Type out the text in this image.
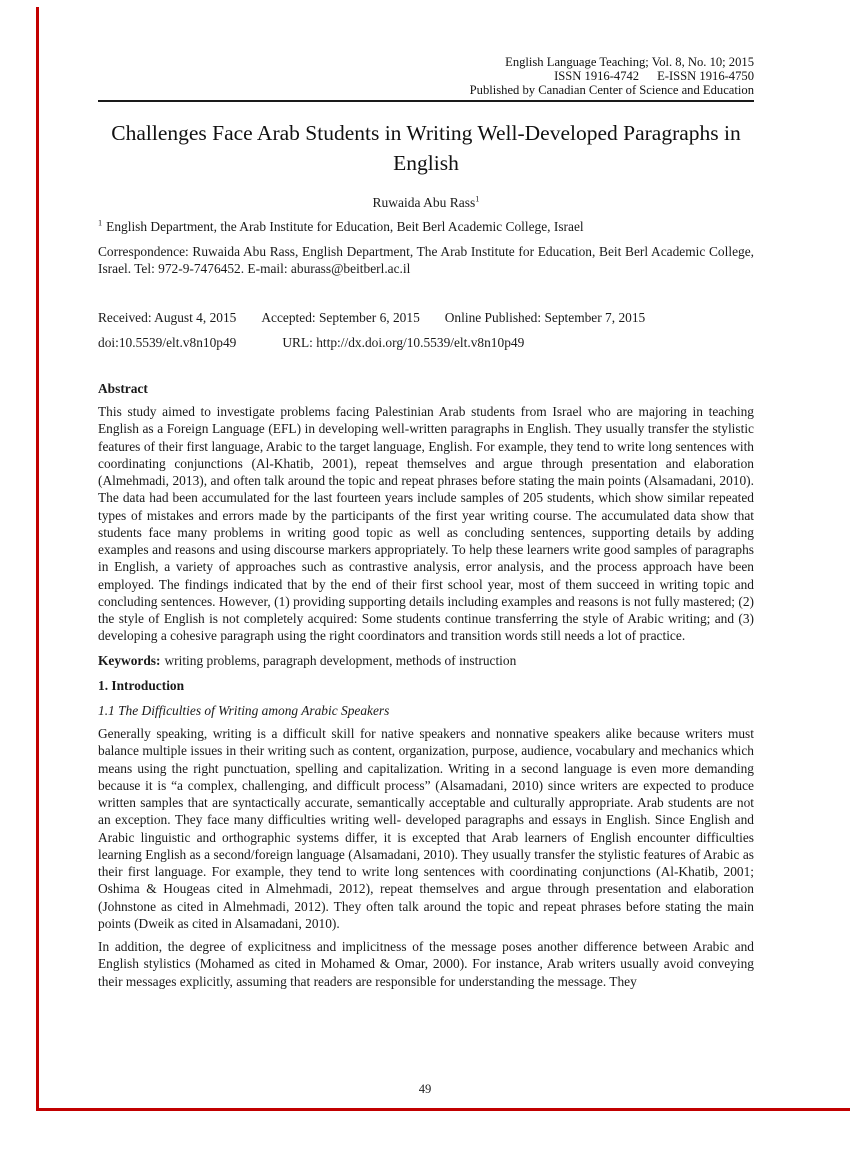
English Language Teaching; Vol. 8, No. 10; 2015
ISSN 1916-4742 E-ISSN 1916-4750
Published by Canadian Center of Science and Education
Challenges Face Arab Students in Writing Well-Developed Paragraphs in English
Ruwaida Abu Rass$^1$
$^1$ English Department, the Arab Institute for Education, Beit Berl Academic College, Israel
Correspondence: Ruwaida Abu Rass, English Department, The Arab Institute for Education, Beit Berl Academic College, Israel. Tel: 972-9-7476452. E-mail: aburass@beitberl.ac.il
Received: August 4, 2015 Accepted: September 6, 2015 Online Published: September 7, 2015
doi:10.5539/elt.v8n10p49	URL: http://dx.doi.org/10.5539/elt.v8n10p49
Abstract
This study aimed to investigate problems facing Palestinian Arab students from Israel who are majoring in teaching English as a Foreign Language (EFL) in developing well-written paragraphs in English. They usually transfer the stylistic features of their first language, Arabic to the target language, English. For example, they tend to write long sentences with coordinating conjunctions (Al-Khatib, 2001), repeat themselves and argue through presentation and elaboration (Almehmadi, 2013), and often talk around the topic and repeat phrases before stating the main points (Alsamadani, 2010). The data had been accumulated for the last fourteen years include samples of 205 students, which show similar repeated types of mistakes and errors made by the participants of the first year writing course. The accumulated data show that students face many problems in writing good topic as well as concluding sentences, supporting details by adding examples and reasons and using discourse markers appropriately. To help these learners write good samples of paragraphs in English, a variety of approaches such as contrastive analysis, error analysis, and the process approach have been employed. The findings indicated that by the end of their first school year, most of them succeed in writing topic and concluding sentences. However, (1) providing supporting details including examples and reasons is not fully mastered; (2) the style of English is not completely acquired: Some students continue transferring the style of Arabic writing; and (3) developing a cohesive paragraph using the right coordinators and transition words still needs a lot of practice.
Keywords: writing problems, paragraph development, methods of instruction
1. Introduction
1.1 The Difficulties of Writing among Arabic Speakers
Generally speaking, writing is a difficult skill for native speakers and nonnative speakers alike because writers must balance multiple issues in their writing such as content, organization, purpose, audience, vocabulary and mechanics which means using the right punctuation, spelling and capitalization. Writing in a second language is even more demanding because it is “a complex, challenging, and difficult process” (Alsamadani, 2010) since writers are expected to produce written samples that are syntactically accurate, semantically acceptable and culturally appropriate. Arab students are not an exception. They face many difficulties writing well- developed paragraphs and essays in English. Since English and Arabic linguistic and orthographic systems differ, it is excepted that Arab learners of English encounter difficulties learning English as a second/foreign language (Alsamadani, 2010). They usually transfer the stylistic features of Arabic as their first language. For example, they tend to write long sentences with coordinating conjunctions (Al-Khatib, 2001; Oshima & Hougeas cited in Almehmadi, 2012), repeat themselves and argue through presentation and elaboration (Johnstone as cited in Almehmadi, 2012). They often talk around the topic and repeat phrases before stating the main points (Dweik as cited in Alsamadani, 2010).
In addition, the degree of explicitness and implicitness of the message poses another difference between Arabic and English stylistics (Mohamed as cited in Mohamed & Omar, 2000). For instance, Arab writers usually avoid conveying their messages explicitly, assuming that readers are responsible for understanding the message. They
49
